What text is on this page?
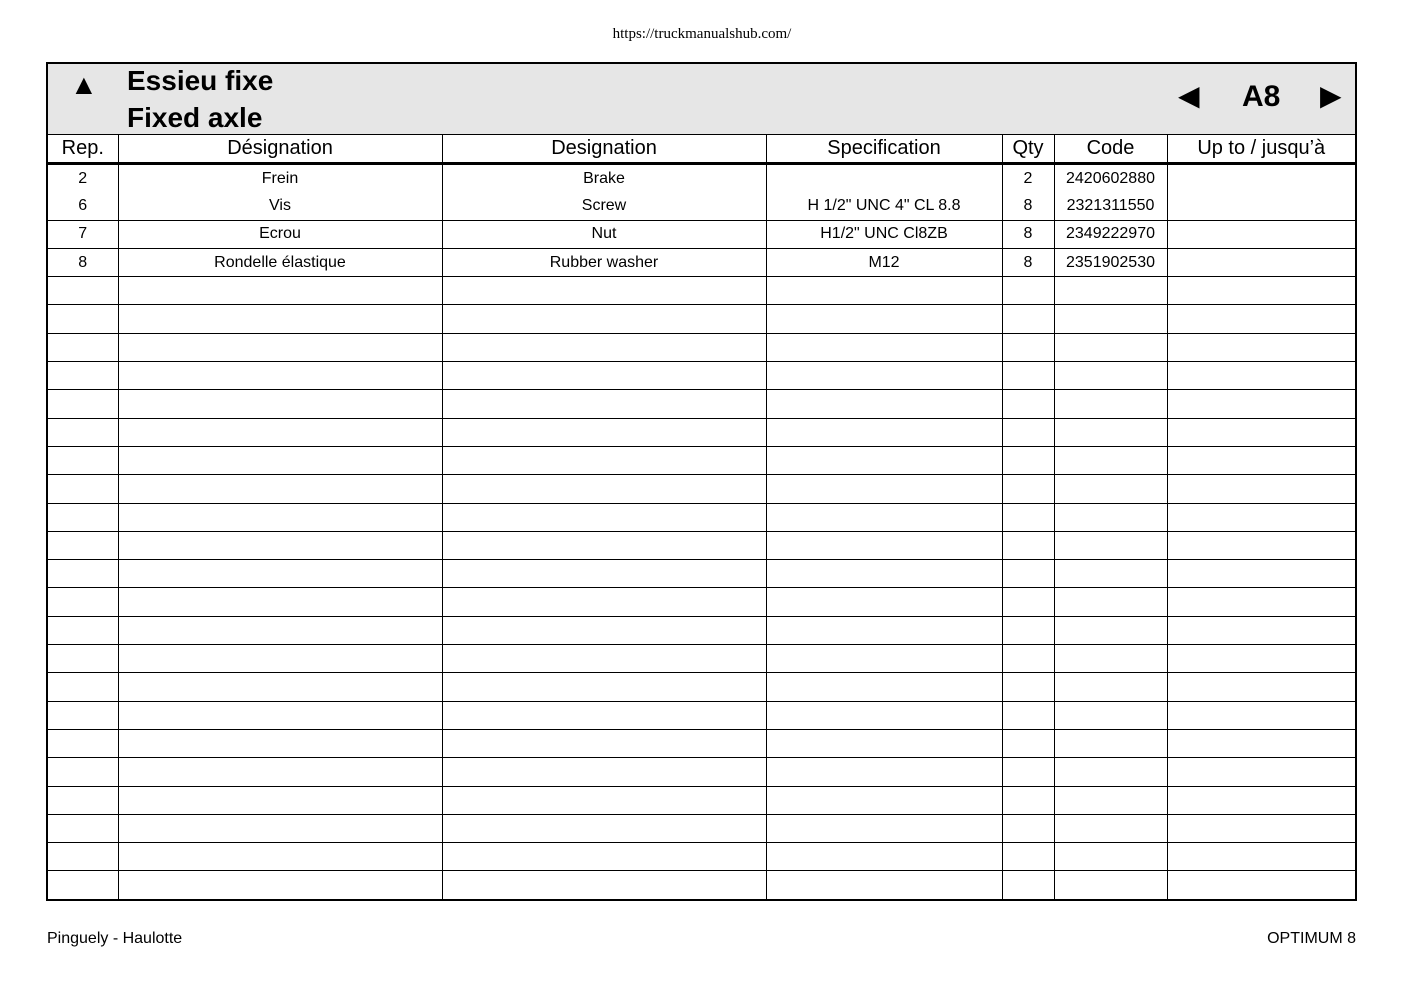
https://truckmanualshub.com/
▲ Essieu fixe
Fixed axle
◀ A8 ▶
Rep.	Désignation	Designation	Specification	Qty	Code	Up to / jusqu’à
2	Frein	Brake		2	2420602880	
6	Vis	Screw	H 1/2" UNC 4" CL 8.8	8	2321311550	
7	Ecrou	Nut	H1/2" UNC Cl8ZB	8	2349222970	
8	Rondelle élastique	Rubber washer	M12	8	2351902530	

Pinguely - Haulotte	OPTIMUM 8
